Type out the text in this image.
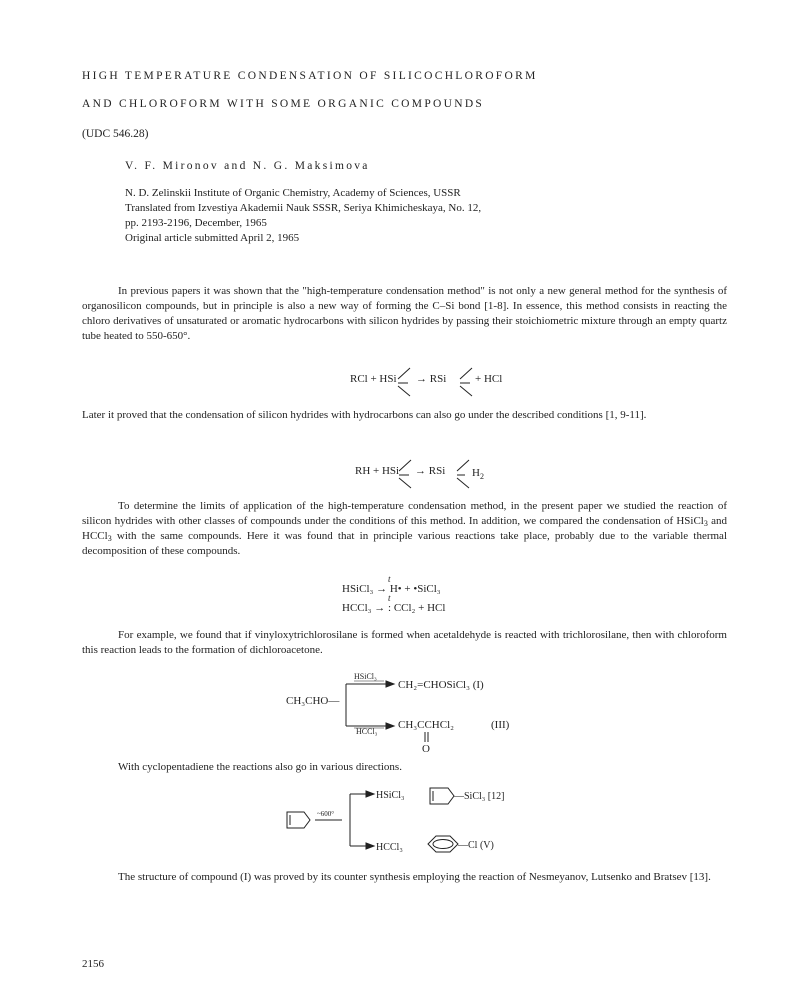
HIGH TEMPERATURE CONDENSATION OF SILICOCHLOROFORM
AND CHLOROFORM WITH SOME ORGANIC COMPOUNDS
(UDC 546.28)
V. F. Mironov and N. G. Maksimova
N. D. Zelinskii Institute of Organic Chemistry, Academy of Sciences, USSR
Translated from Izvestiya Akademii Nauk SSSR, Seriya Khimicheskaya, No. 12,
pp. 2193-2196, December, 1965
Original article submitted April 2, 1965
In previous papers it was shown that the "high-temperature condensation method" is not only a new general method for the synthesis of organosilicon compounds, but in principle is also a new way of forming the C–Si bond [1-8]. In essence, this method consists in reacting the chloro derivatives of unsaturated or aromatic hydrocarbons with silicon hydrides by passing their stoichiometric mixture through an empty quartz tube heated to 550-650°.
RCl + HSi → RSi	+ HCl
Later it proved that the condensation of silicon hydrides with hydrocarbons can also go under the described conditions [1, 9-11].
RH + HSi → RSi H 2
To determine the limits of application of the high-temperature condensation method, in the present paper we studied the reaction of silicon hydrides with other classes of compounds under the conditions of this method. In addition, we compared the condensation of HSiCl$_3$ and HCCl$_3$ with the same compounds. Here it was found that in principle various reactions take place, probably due to the variable thermal decomposition of these compounds.
t
HSiCl₃ → H• + •SiCl₃
t
HCCl₃ → : CCl₂ + HCl
For example, we found that if vinyloxytrichlorosilane is formed when acetaldehyde is reacted with trichlorosilane, then with chloroform this reaction leads to the formation of dichloroacetone.
CH₃CHO—
HSiCl₃
CH₂=CHOSiCl₃ (I)
HCCl₃
CH₃CCHCl₂	(III)
O
With cyclopentadiene the reactions also go in various directions.
~600°
HSiCl₃	—SiCl₃ [12]
HCCl₃	—Cl (V)
The structure of compound (I) was proved by its counter synthesis employing the reaction of Nesmeyanov, Lutsenko and Bratsev [13].
2156
